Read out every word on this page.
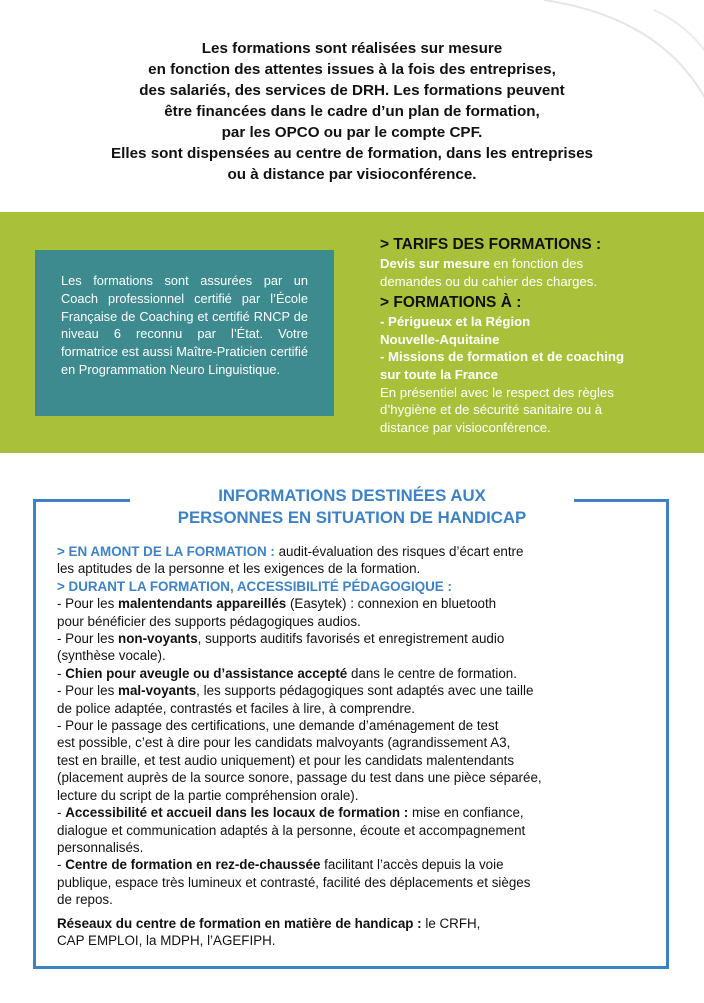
Les formations sont réalisées sur mesure
en fonction des attentes issues à la fois des entreprises,
des salariés, des services de DRH. Les formations peuvent
être financées dans le cadre d’un plan de formation,
par les OPCO ou par le compte CPF.
Elles sont dispensées au centre de formation, dans les entreprises
ou à distance par visioconférence.
Les formations sont assurées par un Coach professionnel certifié par l’École Française de Coaching et certifié RNCP de niveau 6 reconnu par l’État. Votre formatrice est aussi Maître-Praticien certifié en Programmation Neuro Linguistique.
> TARIFS DES FORMATIONS :
Devis sur mesure en fonction des
demandes ou du cahier des charges.
> FORMATIONS À :
- Périgueux et la Région
Nouvelle-Aquitaine
- Missions de formation et de coaching
sur toute la France
En présentiel avec le respect des règles
d’hygiène et de sécurité sanitaire ou à
distance par visioconférence.
INFORMATIONS DESTINÉES AUX
PERSONNES EN SITUATION DE HANDICAP
> EN AMONT DE LA FORMATION : audit-évaluation des risques d’écart entre
les aptitudes de la personne et les exigences de la formation.
> DURANT LA FORMATION, ACCESSIBILITÉ PÉDAGOGIQUE :
- Pour les malentendants appareillés (Easytek) : connexion en bluetooth
pour bénéficier des supports pédagogiques audios.
- Pour les non-voyants, supports auditifs favorisés et enregistrement audio
(synthèse vocale).
- Chien pour aveugle ou d’assistance accepté dans le centre de formation.
- Pour les mal-voyants, les supports pédagogiques sont adaptés avec une taille
de police adaptée, contrastés et faciles à lire, à comprendre.
- Pour le passage des certifications, une demande d’aménagement de test
est possible, c’est à dire pour les candidats malvoyants (agrandissement A3,
test en braille, et test audio uniquement) et pour les candidats malentendants
(placement auprès de la source sonore, passage du test dans une pièce séparée,
lecture du script de la partie compréhension orale).
- Accessibilité et accueil dans les locaux de formation : mise en confiance,
dialogue et communication adaptés à la personne, écoute et accompagnement
personnalisés.
- Centre de formation en rez-de-chaussée facilitant l’accès depuis la voie
publique, espace très lumineux et contrasté, facilité des déplacements et sièges
de repos.
Réseaux du centre de formation en matière de handicap : le CRFH,
CAP EMPLOI, la MDPH, l’AGEFIPH.
